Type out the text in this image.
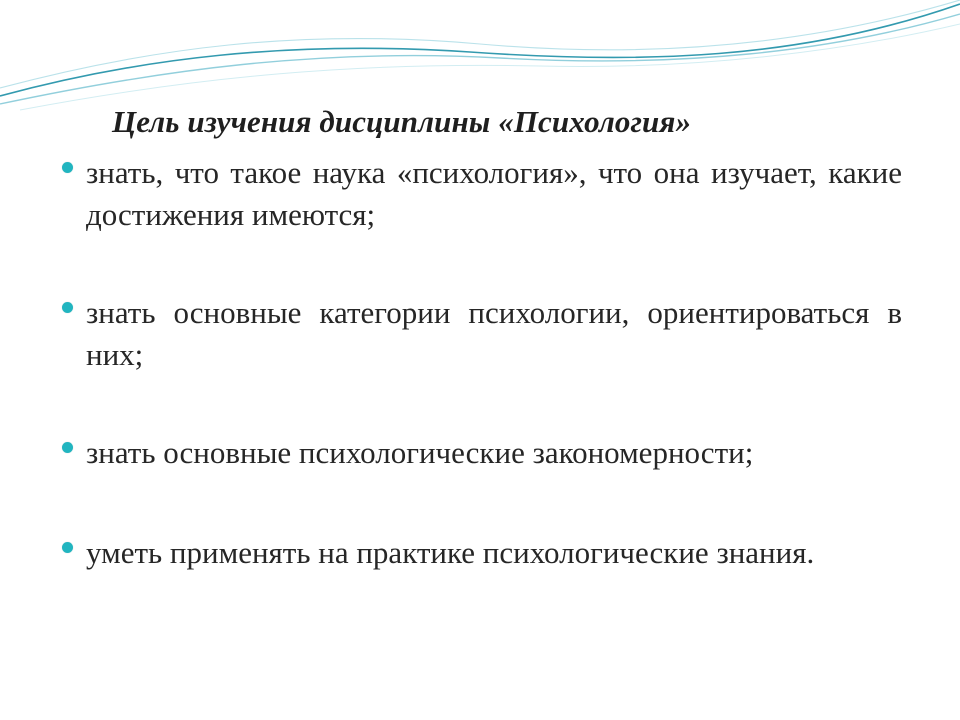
Цель изучения дисциплины «Психология»

знать, что такое наука «психология», что она изучает, какие достижения имеются;

знать основные категории психологии, ориентироваться в них;

знать основные психологические закономерности;

уметь применять на практике психологические знания.
